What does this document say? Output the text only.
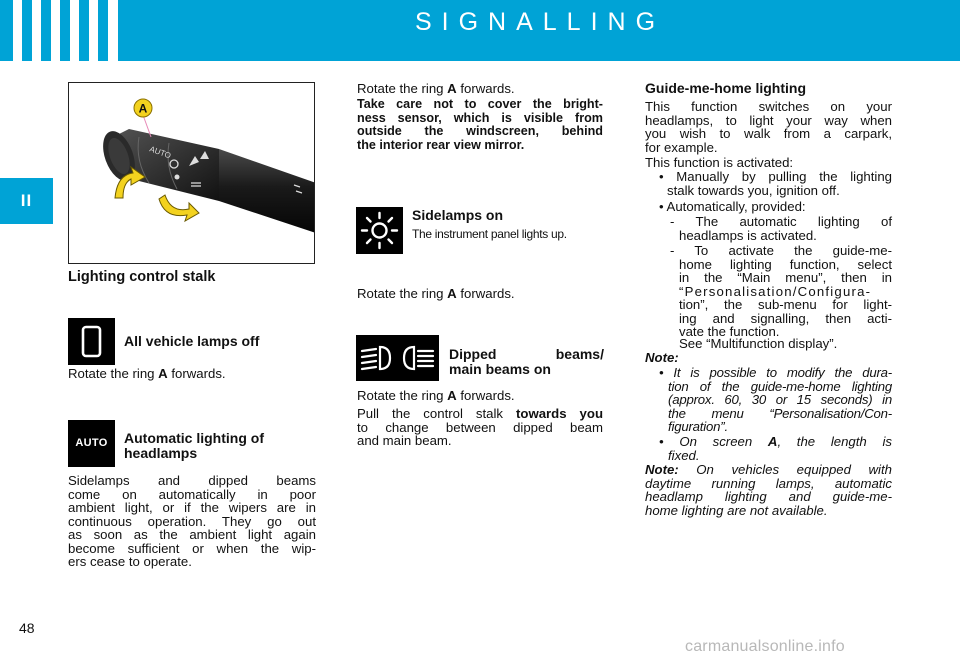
SIGNALLING
II
AUTO
A
Lighting control stalk
All vehicle lamps off
Rotate the ring A forwards.
AUTO	Automatic lighting of
headlamps
Sidelamps and dipped beams
come on automatically in poor
ambient light, or if the wipers are in
continuous operation. They go out
as soon as the ambient light again
become sufficient or when the wip-
ers cease to operate.
Rotate the ring A forwards.
Take care not to cover the bright-
ness sensor, which is visible from
outside the windscreen, behind
the interior rear view mirror.
Sidelamps on
The instrument panel lights up.
Rotate the ring A forwards.
Dipped beams/
main beams on
Rotate the ring A forwards.
Pull the control stalk towards you
to change between dipped beam
and main beam.
Guide-me-home lighting
This function switches on your
headlamps, to light your way when
you wish to walk from a carpark,
for example.
This function is activated:
• Manually by pulling the lighting
stalk towards you, ignition off.
• Automatically, provided:
- The automatic lighting of
headlamps is activated.
- To activate the guide-me-
home lighting function, select
in the “Main menu”, then in
“Personalisation/Configura-
tion”, the sub-menu for light-
ing and signalling, then acti-
vate the function.
See “Multifunction display”.
Note:
• It is possible to modify the dura-
tion of the guide-me-home lighting
(approx. 60, 30 or 15 seconds) in
the menu “Personalisation/Con-
figuration”.
• On screen A, the length is
fixed.
Note: On vehicles equipped with
daytime running lamps, automatic
headlamp lighting and guide-me-
home lighting are not available.
48
carmanualsonline.info
